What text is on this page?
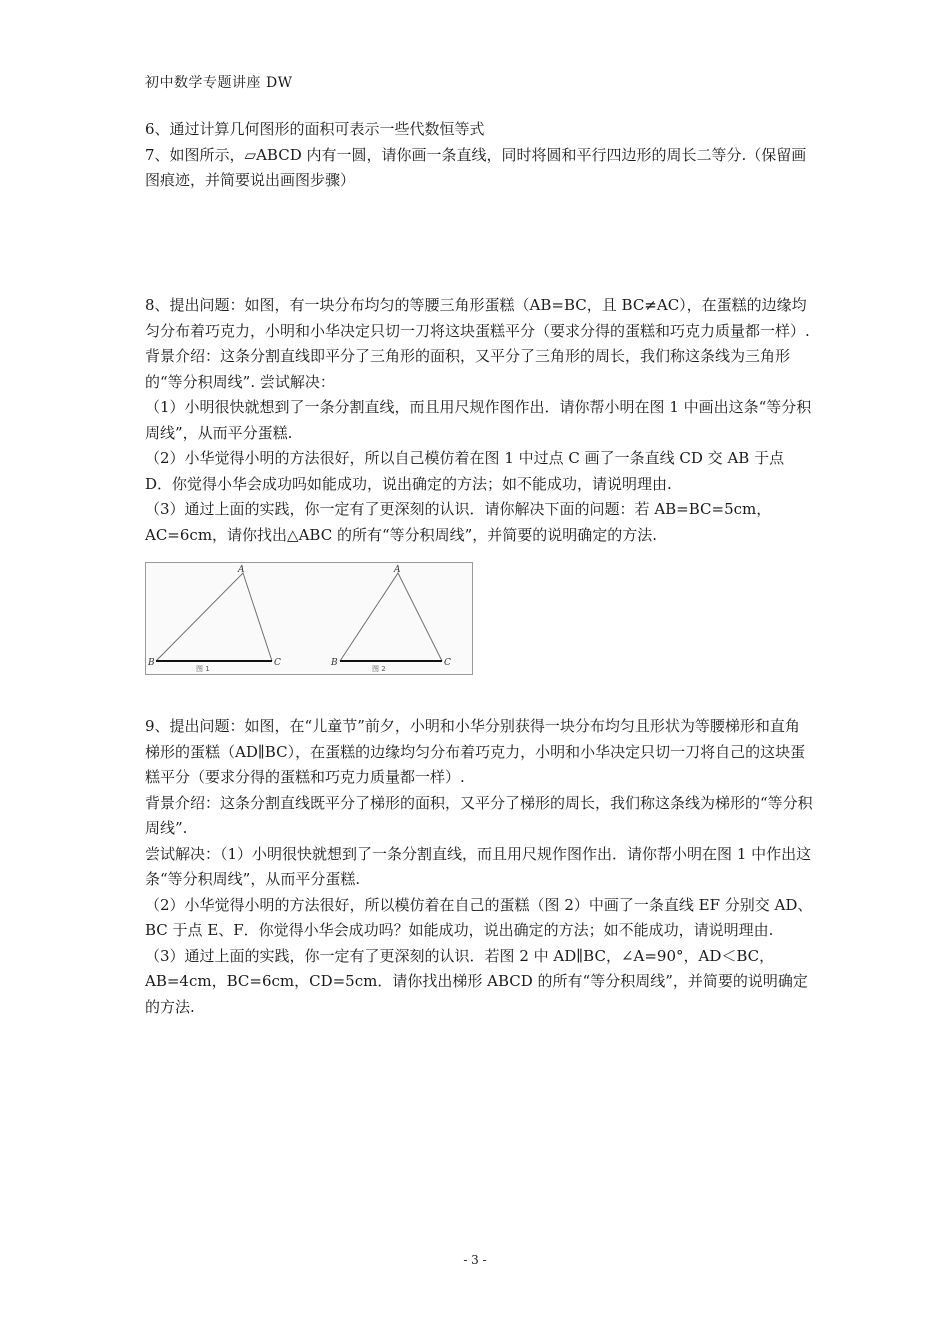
初中数学专题讲座 DW

6、通过计算几何图形的面积可表示一些代数恒等式

7、如图所示，▱ABCD 内有一圆，请你画一条直线，同时将圆和平行四边形的周长二等分.（保留画图痕迹，并简要说出画图步骤）

8、提出问题：如图，有一块分布均匀的等腰三角形蛋糕（AB=BC，且 BC≠AC），在蛋糕的边缘均匀分布着巧克力，小明和小华决定只切一刀将这块蛋糕平分（要求分得的蛋糕和巧克力质量都一样）.

背景介绍：这条分割直线即平分了三角形的面积，又平分了三角形的周长，我们称这条线为三角形的“等分积周线”. 尝试解决：

（1）小明很快就想到了一条分割直线，而且用尺规作图作出．请你帮小明在图 1 中画出这条“等分积周线”，从而平分蛋糕.

（2）小华觉得小明的方法很好，所以自己模仿着在图 1 中过点 C 画了一条直线 CD 交 AB 于点 D．你觉得小华会成功吗如能成功，说出确定的方法；如不能成功，请说明理由.

（3）通过上面的实践，你一定有了更深刻的认识．请你解决下面的问题：若 AB=BC=5cm，AC=6cm，请你找出△ABC 的所有“等分积周线”，并简要的说明确定的方法.

A
B	C
图 1
A
B	C
图 2

9、提出问题：如图，在“儿童节”前夕，小明和小华分别获得一块分布均匀且形状为等腰梯形和直角梯形的蛋糕（AD∥BC），在蛋糕的边缘均匀分布着巧克力，小明和小华决定只切一刀将自己的这块蛋糕平分（要求分得的蛋糕和巧克力质量都一样）.

背景介绍：这条分割直线既平分了梯形的面积，又平分了梯形的周长，我们称这条线为梯形的“等分积周线”.

尝试解决：（1）小明很快就想到了一条分割直线，而且用尺规作图作出．请你帮小明在图 1 中作出这条“等分积周线”，从而平分蛋糕.

（2）小华觉得小明的方法很好，所以模仿着在自己的蛋糕（图 2）中画了一条直线 EF 分别交 AD、BC 于点 E、F．你觉得小华会成功吗？如能成功，说出确定的方法；如不能成功，请说明理由.

（3）通过上面的实践，你一定有了更深刻的认识．若图 2 中 AD∥BC，∠A=90°，AD＜BC，AB=4cm，BC=6cm，CD=5cm．请你找出梯形 ABCD 的所有“等分积周线”，并简要的说明确定的方法.

- 3 -
